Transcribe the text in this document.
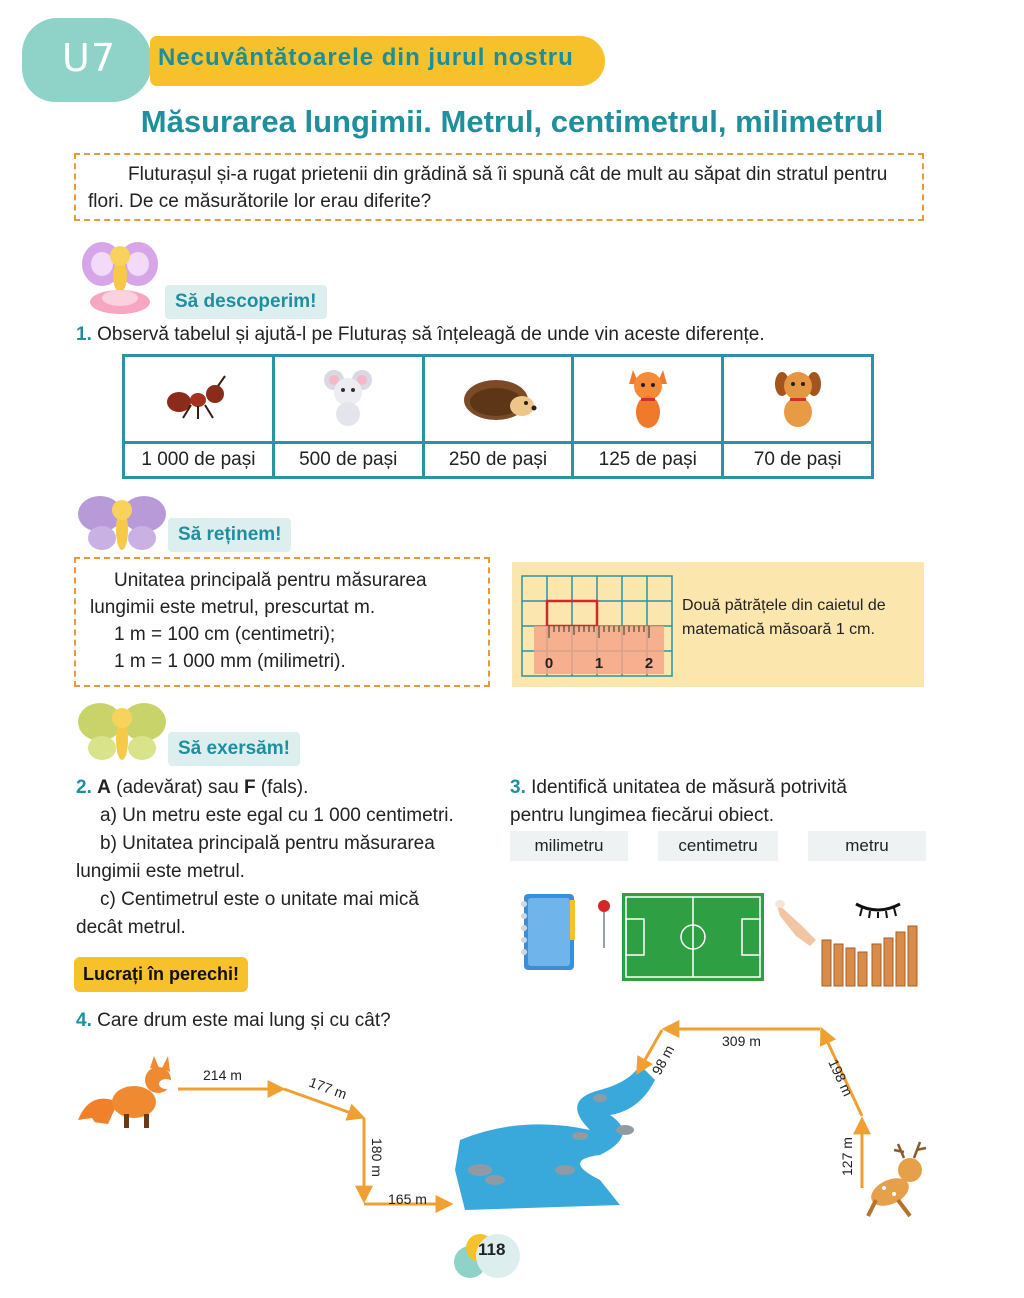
U7 Necuvântătoarele din jurul nostru
Măsurarea lungimii. Metrul, centimetrul, milimetrul

Fluturașul și-a rugat prietenii din grădină să îi spună cât de mult au săpat din stratul pentru flori. De ce măsurătorile lor erau diferite?

Să descoperim!
1. Observă tabelul și ajută-l pe Fluturaș să înțeleagă de unde vin aceste diferențe.

1 000 de pași	500 de pași	250 de pași	125 de pași	70 de pași
Să reținem!
Unitatea principală pentru măsurarea
lungimii este metrul, prescurtat m.
1 m = 100 cm (centimetri);
1 m = 1 000 mm (milimetri).	0	1	2
Două pătrățele din caietul de
matematică măsoară 1 cm.
Să exersăm!
2. A (adevărat) sau F (fals).
a) Un metru este egal cu 1 000 centimetri.
b) Unitatea principală pentru măsurarea
lungimii este metrul.
c) Centimetrul este o unitate mai mică
decât metrul.
3. Identifică unitatea de măsură potrivită
pentru lungimea fiecărui obiect.
milimetru	centimetru	metru
Lucrați în perechi!
4. Care drum este mai lung și cu cât?
214 m	177 m
180 m
165 m
127 m
198 m
309 m
98 m
118
